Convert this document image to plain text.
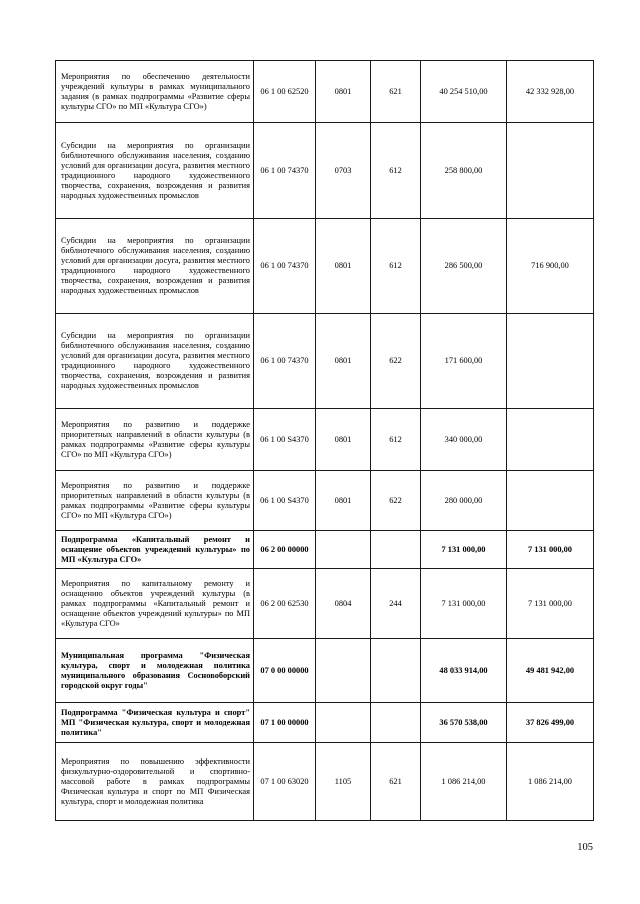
Мероприятия по обеспечению деятельности учреждений культуры в рамках муниципального задания (в рамках подпрограммы «Развитие сферы культуры СГО» по МП «Культура СГО»)	06 1 00 62520	0801	621	40 254 510,00	42 332 928,00
Субсидии на мероприятия по организации библиотечного обслуживания населения, созданию условий для организации досуга, развития местного традиционного народного художественного творчества, сохранения, возрождения и развития народных художественных промыслов	06 1 00 74370	0703	612	258 800,00	
Субсидии на мероприятия по организации библиотечного обслуживания населения, созданию условий для организации досуга, развития местного традиционного народного художественного творчества, сохранения, возрождения и развития народных художественных промыслов	06 1 00 74370	0801	612	286 500,00	716 900,00
Субсидии на мероприятия по организации библиотечного обслуживания населения, созданию условий для организации досуга, развития местного традиционного народного художественного творчества, сохранения, возрождения и развития народных художественных промыслов	06 1 00 74370	0801	622	171 600,00	
Мероприятия по развитию и поддержке приоритетных направлений в области культуры (в рамках подпрограммы «Развитие сферы культуры СГО» по МП «Культура СГО»)	06 1 00 S4370	0801	612	340 000,00	
Мероприятия по развитию и поддержке приоритетных направлений в области культуры (в рамках подпрограммы «Развитие сферы культуры СГО» по МП «Культура СГО»)	06 1 00 S4370	0801	622	280 000,00	
Подпрограмма «Капитальный ремонт и оснащение объектов учреждений культуры» по МП «Культура СГО»	06 2 00 00000			7 131 000,00	7 131 000,00
Мероприятия по капитальному ремонту и оснащению объектов учреждений культуры (в рамках подпрограммы «Капитальный ремонт и оснащение объектов учреждений культуры» по МП «Культура СГО»	06 2 00 62530	0804	244	7 131 000,00	7 131 000,00
Муниципальная программа "Физическая культура, спорт и молодежная политика муниципального образования Сосновоборский городской округ годы"	07 0 00 00000			48 033 914,00	49 481 942,00
Подпрограмма "Физическая культура и спорт" МП "Физическая культура, спорт и молодежная политика"	07 1 00 00000			36 570 538,00	37 826 499,00
Мероприятия по повышению эффективности физкультурно-оздоровительной и спортивно-массовой работе в рамках подпрограммы Физическая культура и спорт по МП Физическая культура, спорт и молодежная политика	07 1 00 63020	1105	621	1 086 214,00	1 086 214,00
105
